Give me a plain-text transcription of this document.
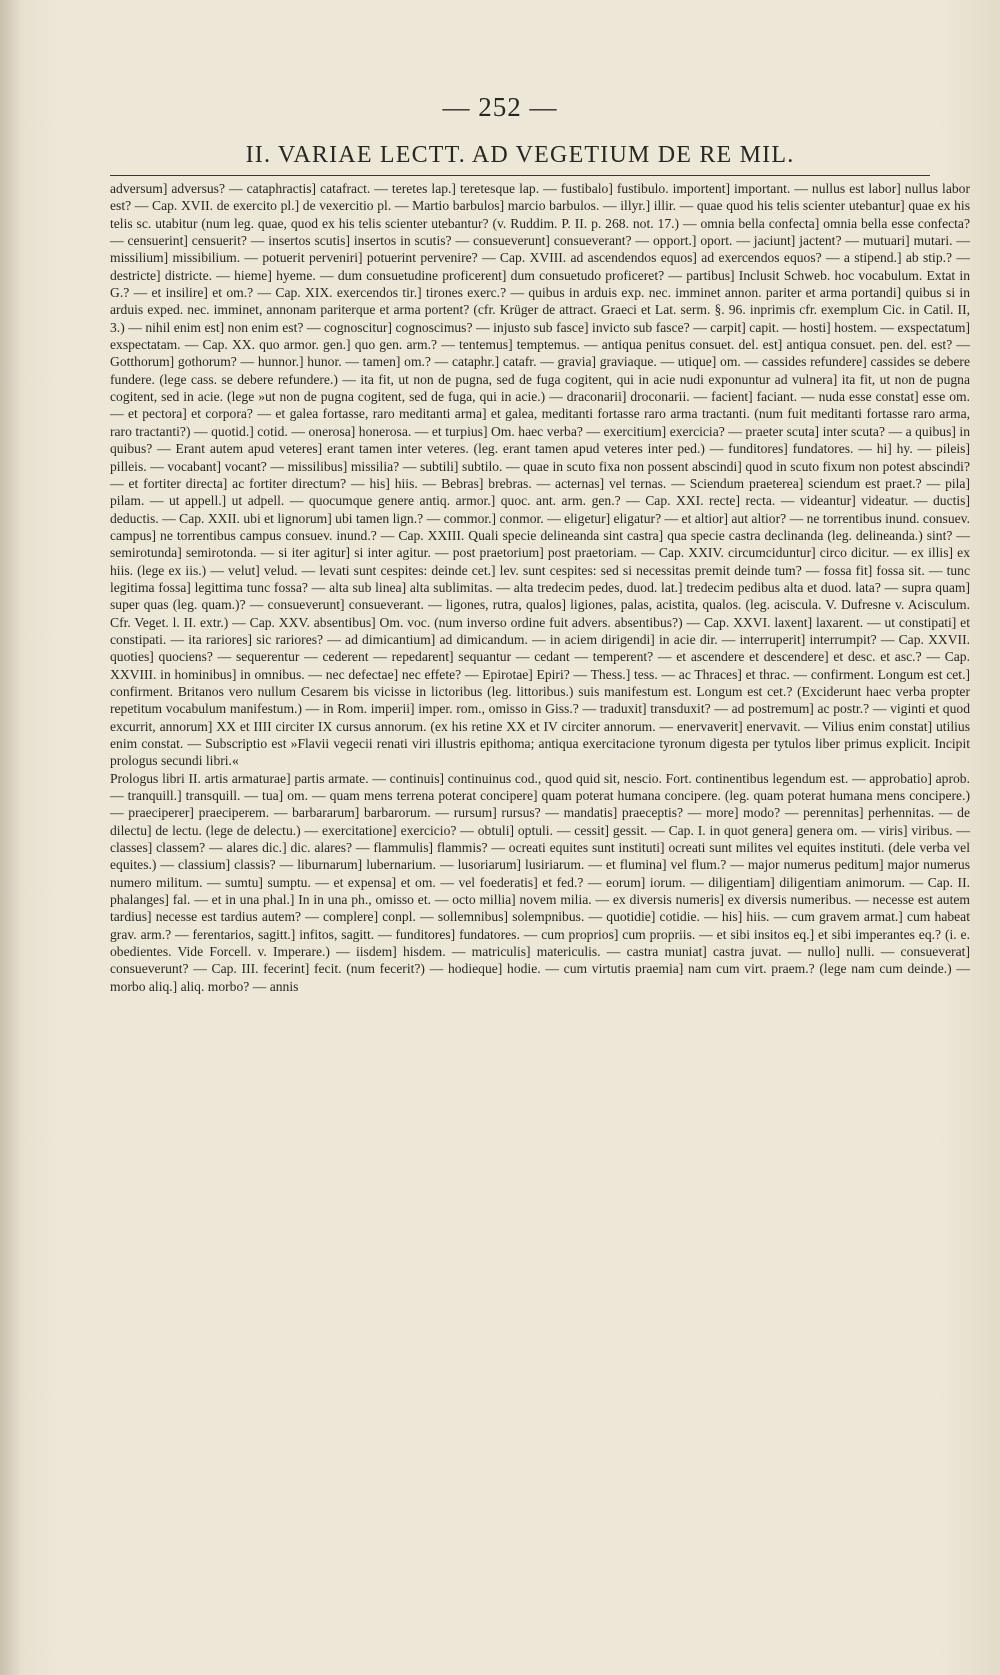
— 252 —
II. VARIAE LECTT. AD VEGETIUM DE RE MIL.
adversum] adversus? — cataphractis] catafract. — teretes lap.] teretesque lap. — fustibalo] fustibulo. importent] important. — nullus est labor] nullus labor est? — Cap. XVII. de exercito pl.] de vexercitio pl. — Martio barbulos] marcio barbulos. — illyr.] illir. — quae quod his telis scienter utebantur] quae ex his telis sc. utabitur (num leg. quae, quod ex his telis scienter utebantur? (v. Ruddim. P. II. p. 268. not. 17.) — omnia bella confecta] omnia bella esse confecta? — censuerint] censuerit? — insertos scutis] insertos in scutis? — consueverunt] consueverant? — opport.] oport. — jaciunt] jactent? — mutuari] mutari. — missilium] missibilium. — potuerit perveniri] potuerint pervenire? — Cap. XVIII. ad ascendendos equos] ad exercendos equos? — a stipend.] ab stip.? — destricte] districte. — hieme] hyeme. — dum consuetudine proficerent] dum consuetudo proficeret? — partibus] Inclusit Schweb. hoc vocabulum. Extat in G.? — et insilire] et om.? — Cap. XIX. exercendos tir.] tirones exerc.? — quibus in arduis exp. nec. imminet annon. pariter et arma portandi] quibus si in arduis exped. nec. imminet, annonam pariterque et arma portent? (cfr. Krüger de attract. Graeci et Lat. serm. §. 96. inprimis cfr. exemplum Cic. in Catil. II, 3.) — nihil enim est] non enim est? — cognoscitur] cognoscimus? — injusto sub fasce] invicto sub fasce? — carpit] capit. — hosti] hostem. — exspectatum] exspectatam. — Cap. XX. quo armor. gen.] quo gen. arm.? — tentemus] temptemus. — antiqua penitus consuet. del. est] antiqua consuet. pen. del. est? — Gotthorum] gothorum? — hunnor.] hunor. — tamen] om.? — cataphr.] catafr. — gravia] graviaque. — utique] om. — cassides refundere] cassides se debere fundere. (lege cass. se debere refundere.) — ita fit, ut non de pugna, sed de fuga cogitent, qui in acie nudi exponuntur ad vulnera] ita fit, ut non de pugna cogitent, sed in acie. (lege »ut non de pugna cogitent, sed de fuga, qui in acie.) — draconarii] droconarii. — facient] faciant. — nuda esse constat] esse om. — et pectora] et corpora? — et galea fortasse, raro meditanti arma] et galea, meditanti fortasse raro arma tractanti. (num fuit meditanti fortasse raro arma, raro tractanti?) — quotid.] cotid. — onerosa] honerosa. — et turpius] Om. haec verba? — exercitium] exercicia? — praeter scuta] inter scuta? — a quibus] in quibus? — Erant autem apud veteres] erant tamen inter veteres. (leg. erant tamen apud veteres inter ped.) — funditores] fundatores. — hi] hy. — pileis] pilleis. — vocabant] vocant? — missilibus] missilia? — subtili] subtilo. — quae in scuto fixa non possent abscindi] quod in scuto fixum non potest abscindi? — et fortiter directa] ac fortiter directum? — his] hiis. — Bebras] brebras. — acternas] vel ternas. — Sciendum praeterea] sciendum est praet.? — pila] pilam. — ut appell.] ut adpell. — quocumque genere antiq. armor.] quoc. ant. arm. gen.? — Cap. XXI. recte] recta. — videantur] videatur. — ductis] deductis. — Cap. XXII. ubi et lignorum] ubi tamen lign.? — commor.] conmor. — eligetur] eligatur? — et altior] aut altior? — ne torrentibus inund. consuev. campus] ne torrentibus campus consuev. inund.? — Cap. XXIII. Quali specie delineanda sint castra] qua specie castra declinanda (leg. delineanda.) sint? — semirotunda] semirotonda. — si iter agitur] si inter agitur. — post praetorium] post praetoriam. — Cap. XXIV. circumciduntur] circo dicitur. — ex illis] ex hiis. (lege ex iis.) — velut] velud. — levati sunt cespites: deinde cet.] lev. sunt cespites: sed si necessitas premit deinde tum? — fossa fit] fossa sit. — tunc legitima fossa] legittima tunc fossa? — alta sub linea] alta sublimitas. — alta tredecim pedes, duod. lat.] tredecim pedibus alta et duod. lata? — supra quam] super quas (leg. quam.)? — consueverunt] consueverant. — ligones, rutra, qualos] ligiones, palas, acistita, qualos. (leg. aciscula. V. Dufresne v. Acisculum. Cfr. Veget. l. II. extr.) — Cap. XXV. absentibus] Om. voc. (num inverso ordine fuit advers. absentibus?) — Cap. XXVI. laxent] laxarent. — ut constipati] et constipati. — ita rariores] sic rariores? — ad dimicantium] ad dimicandum. — in aciem dirigendi] in acie dir. — interruperit] interrumpit? — Cap. XXVII. quoties] quociens? — sequerentur — cederent — repedarent] sequantur — cedant — temperent? — et ascendere et descendere] et desc. et asc.? — Cap. XXVIII. in hominibus] in omnibus. — nec defectae] nec effete? — Epirotae] Epiri? — Thess.] tess. — ac Thraces] et thrac. — confirment. Longum est cet.] confirment. Britanos vero nullum Cesarem bis vicisse in lictoribus (leg. littoribus.) suis manifestum est. Longum est cet.? (Exciderunt haec verba propter repetitum vocabulum manifestum.) — in Rom. imperii] imper. rom., omisso in Giss.? — traduxit] transduxit? — ad postremum] ac postr.? — viginti et quod excurrit, annorum] XX et IIII circiter IX cursus annorum. (ex his retine XX et IV circiter annorum. — enervaverit] enervavit. — Vilius enim constat] utilius enim constat. — Subscriptio est »Flavii vegecii renati viri illustris epithoma; antiqua exercitacione tyronum digesta per tytulos liber primus explicit. Incipit prologus secundi libri.«
Prologus libri II. artis armaturae] partis armate. — continuis] continuinus cod., quod quid sit, nescio. Fort. continentibus legendum est. — approbatio] aprob. — tranquill.] transquill. — tua] om. — quam mens terrena poterat concipere] quam poterat humana concipere. (leg. quam poterat humana mens concipere.) — praeciperer] praeciperem. — barbararum] barbarorum. — rursum] rursus? — mandatis] praeceptis? — more] modo? — perennitas] perhennitas. — de dilectu] de lectu. (lege de delectu.) — exercitatione] exercicio? — obtuli] optuli. — cessit] gessit. — Cap. I. in quot genera] genera om. — viris] viribus. — classes] classem? — alares dic.] dic. alares? — flammulis] flammis? — ocreati equites sunt instituti] ocreati sunt milites vel equites instituti. (dele verba vel equites.) — classium] classis? — liburnarum] lubernarium. — lusoriarum] lusiriarum. — et flumina] vel flum.? — major numerus peditum] major numerus numero militum. — sumtu] sumptu. — et expensa] et om. — vel foederatis] et fed.? — eorum] iorum. — diligentiam] diligentiam animorum. — Cap. II. phalanges] fal. — et in una phal.] In in una ph., omisso et. — octo millia] novem milia. — ex diversis numeris] ex diversis numeribus. — necesse est autem tardius] necesse est tardius autem? — complere] conpl. — sollemnibus] solempnibus. — quotidie] cotidie. — his] hiis. — cum gravem armat.] cum habeat grav. arm.? — ferentarios, sagitt.] infitos, sagitt. — funditores] fundatores. — cum proprios] cum propriis. — et sibi insitos eq.] et sibi imperantes eq.? (i. e. obedientes. Vide Forcell. v. Imperare.) — iisdem] hisdem. — matriculis] matericulis. — castra muniat] castra juvat. — nullo] nulli. — consueverat] consueverunt? — Cap. III. fecerint] fecit. (num fecerit?) — hodieque] hodie. — cum virtutis praemia] nam cum virt. praem.? (lege nam cum deinde.) — morbo aliq.] aliq. morbo? — annis
